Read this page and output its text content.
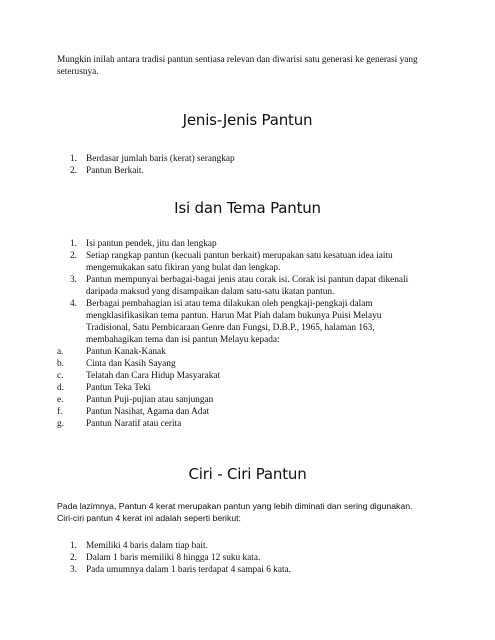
Mungkin inilah antara tradisi pantun sentiasa relevan dan diwarisi satu generasi ke generasi yang

seterusnya.

Jenis-Jenis Pantun
1. Berdasar jumlah baris (kerat) serangkap
2. Pantun Berkait.
Isi dan Tema Pantun
1. Isi pantun pendek, jitu dan lengkap
2. Setiap rangkap pantun (kecuali pantun berkait) merupakan satu kesatuan idea iaitu
mengemukakan satu fikiran yang bulat dan lengkap.
3. Pantun mempunyai berbagai-bagai jenis atau corak isi. Corak isi pantun dapat dikenali
daripada maksud yang disampaikan dalam satu-satu ikatan pantun.
4. Berbagai pembahagian isi atau tema dilakukan oleh pengkaji-pengkaji dalam
mengklasifikasikan tema pantun. Harun Mat Piah dalam bukunya Puisi Melayu
Tradisional, Satu Pembicaraan Genre dan Fungsi, D.B.P., 1965, halaman 163,
membahagikan tema dan isi pantun Melayu kepada:
a.	Pantun Kanak-Kanak
b.	Cinta dan Kasih Sayang
c.	Telatah dan Cara Hidup Masyarakat
d.	Pantun Teka Teki
e.	Pantun Puji-pujian atau sanjungan
f.	Pantun Nasihat, Agama dan Adat
g.	Pantun Naratif atau cerita
Ciri - Ciri Pantun

Pada lazimnya, Pantun 4 kerat merupakan pantun yang lebih diminati dan sering digunakan.

Ciri-ciri pantun 4 kerat ini adalah seperti berikut:

1. Memiliki 4 baris dalam tiap bait.
2. Dalam 1 baris memiliki 8 hingga 12 suku kata.
3. Pada umumnya dalam 1 baris terdapat 4 sampai 6 kata.
